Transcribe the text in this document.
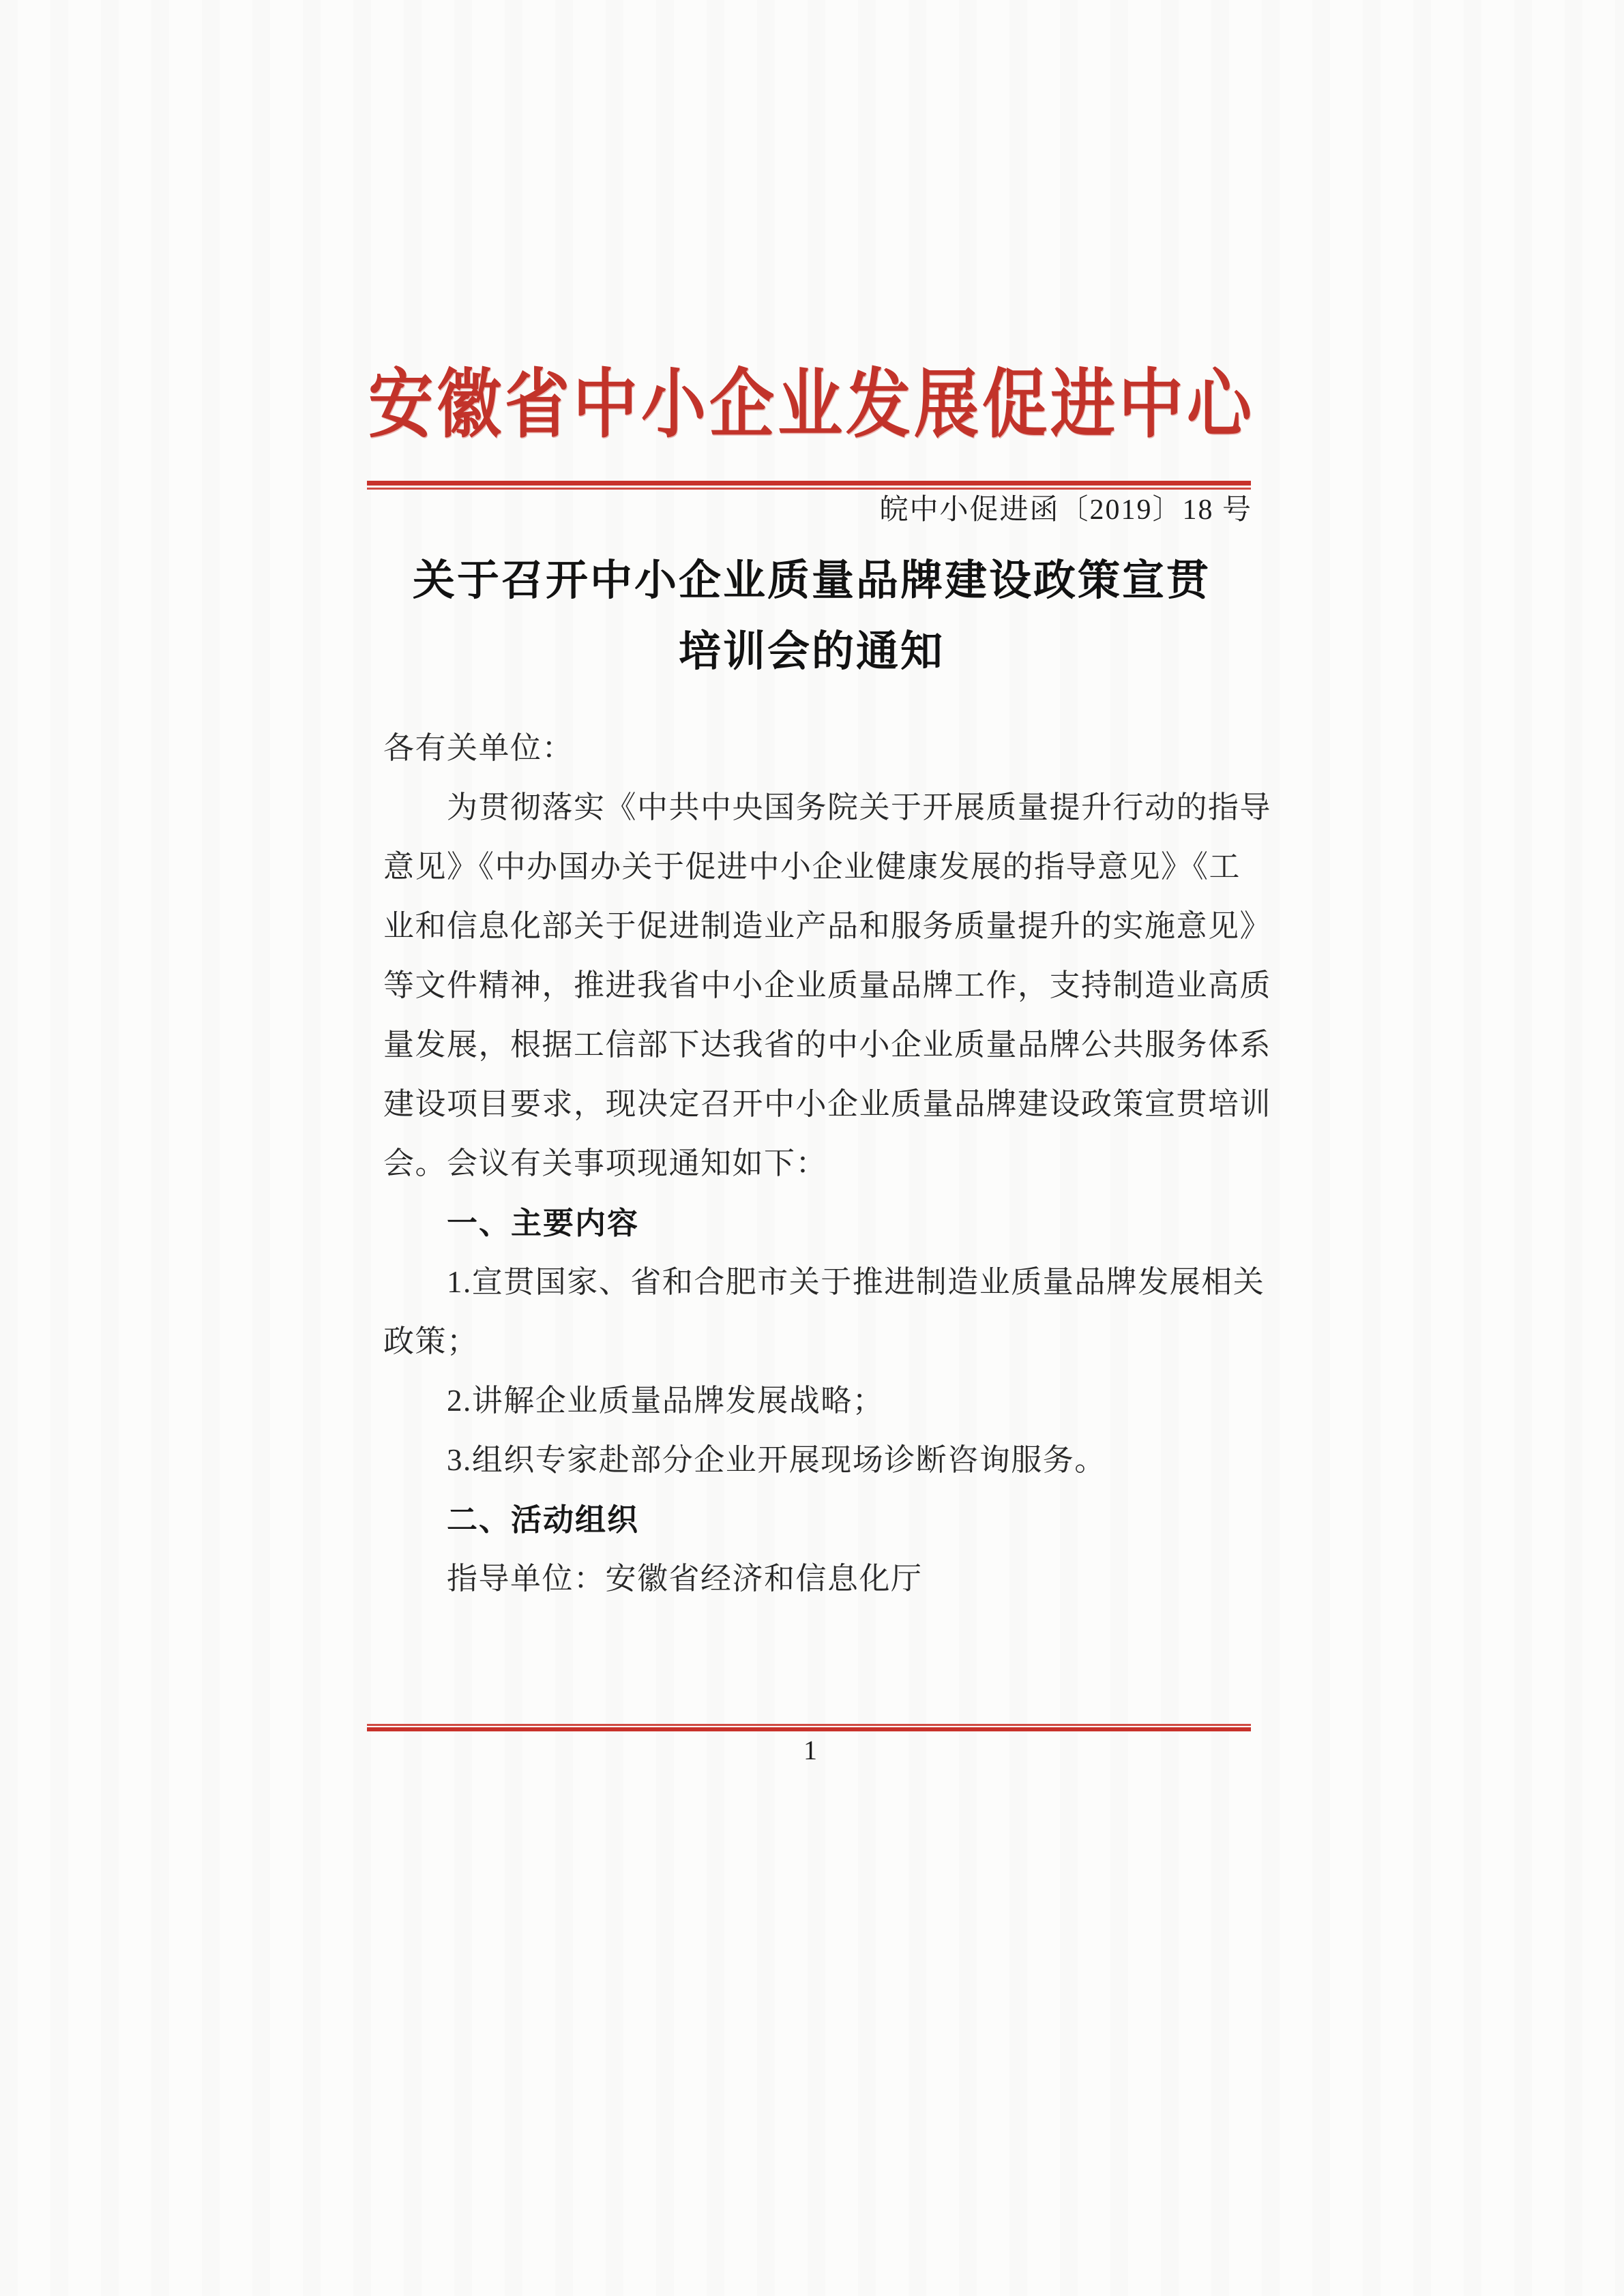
安徽省中小企业发展促进中心
皖中小促进函〔2019〕18 号
关于召开中小企业质量品牌建设政策宣贯
培训会的通知
各有关单位：
为贯彻落实《中共中央国务院关于开展质量提升行动的指导
意见》《中办国办关于促进中小企业健康发展的指导意见》《工
业和信息化部关于促进制造业产品和服务质量提升的实施意见》
等文件精神，推进我省中小企业质量品牌工作，支持制造业高质
量发展，根据工信部下达我省的中小企业质量品牌公共服务体系
建设项目要求，现决定召开中小企业质量品牌建设政策宣贯培训
会。会议有关事项现通知如下：
一、主要内容
1.宣贯国家、省和合肥市关于推进制造业质量品牌发展相关
政策；
2.讲解企业质量品牌发展战略；
3.组织专家赴部分企业开展现场诊断咨询服务。
二、活动组织
指导单位：安徽省经济和信息化厅
1
